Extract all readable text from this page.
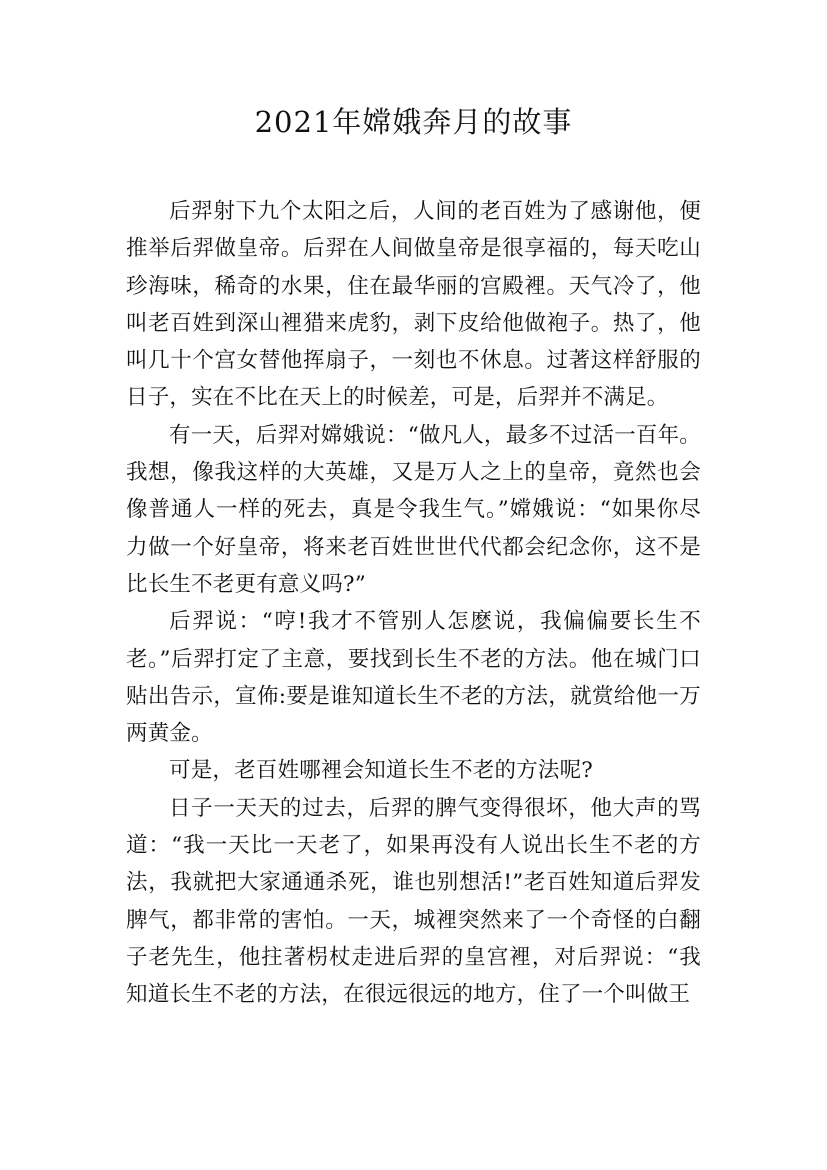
2021年嫦娥奔月的故事

后羿射下九个太阳之后，人间的老百姓为了感谢他，便推举后羿做皇帝。后羿在人间做皇帝是很享福的，每天吃山珍海味，稀奇的水果，住在最华丽的宫殿裡。天气冷了，他叫老百姓到深山裡猎来虎豹，剥下皮给他做袍子。热了，他叫几十个宫女替他挥扇子，一刻也不休息。过著这样舒服的日子，实在不比在天上的时候差，可是，后羿并不满足。

有一天，后羿对嫦娥说：“做凡人，最多不过活一百年。我想，像我这样的大英雄，又是万人之上的皇帝，竟然也会像普通人一样的死去，真是令我生气。”嫦娥说：“如果你尽力做一个好皇帝，将来老百姓世世代代都会纪念你，这不是比长生不老更有意义吗?”

后羿说：“哼!我才不管别人怎麽说，我偏偏要长生不老。”后羿打定了主意，要找到长生不老的方法。他在城门口贴出告示，宣佈:要是谁知道长生不老的方法，就赏给他一万两黄金。

可是，老百姓哪裡会知道长生不老的方法呢?

日子一天天的过去，后羿的脾气变得很坏，他大声的骂道：“我一天比一天老了，如果再没有人说出长生不老的方法，我就把大家通通杀死，谁也别想活!”老百姓知道后羿发脾气，都非常的害怕。一天，城裡突然来了一个奇怪的白翻子老先生，他拄著枴杖走进后羿的皇宫裡，对后羿说：“我知道长生不老的方法，在很远很远的地方，住了一个叫做王
